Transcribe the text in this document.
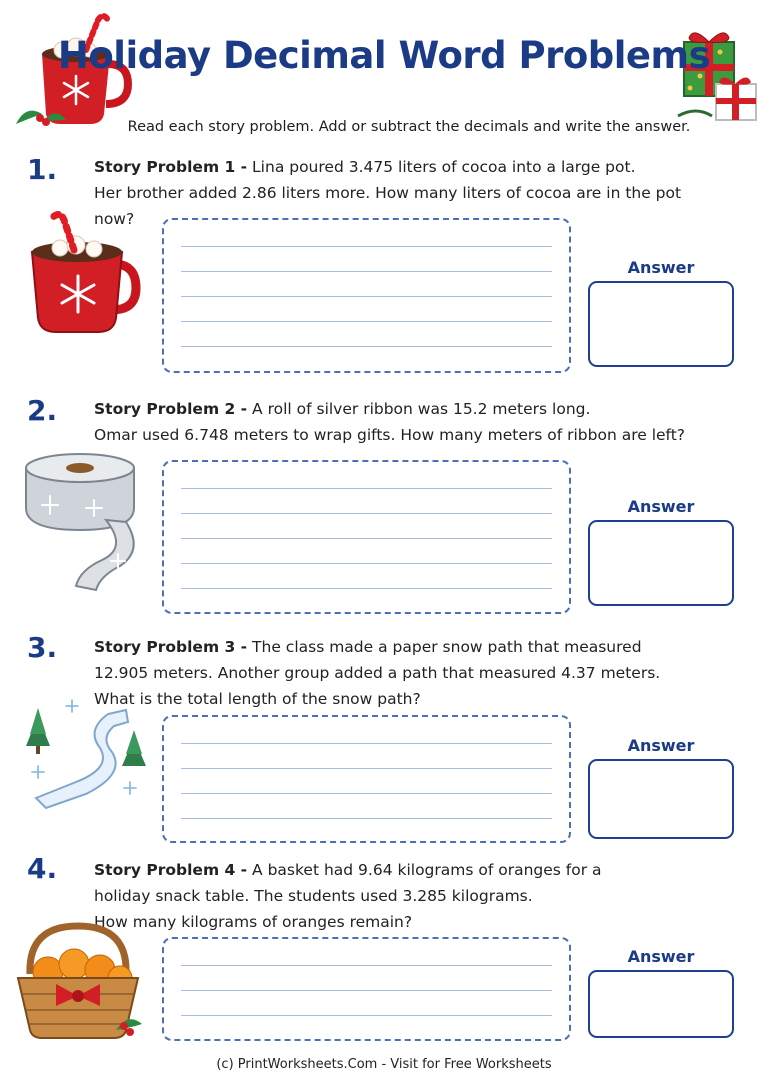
Holiday Decimal Word Problems
Read each story problem. Add or subtract the decimals and write the answer.
1. Story Problem 1 - Lina poured 3.475 liters of cocoa into a large pot.
Her brother added 2.86 liters more. How many liters of cocoa are in the pot now?
Answer
2. Story Problem 2 - A roll of silver ribbon was 15.2 meters long.
Omar used 6.748 meters to wrap gifts. How many meters of ribbon are left?
Answer
3. Story Problem 3 - The class made a paper snow path that measured
12.905 meters. Another group added a path that measured 4.37 meters.
What is the total length of the snow path?
Answer
4. Story Problem 4 - A basket had 9.64 kilograms of oranges for a
holiday snack table. The students used 3.285 kilograms.
How many kilograms of oranges remain?
Answer
(c) PrintWorksheets.Com - Visit for Free Worksheets
